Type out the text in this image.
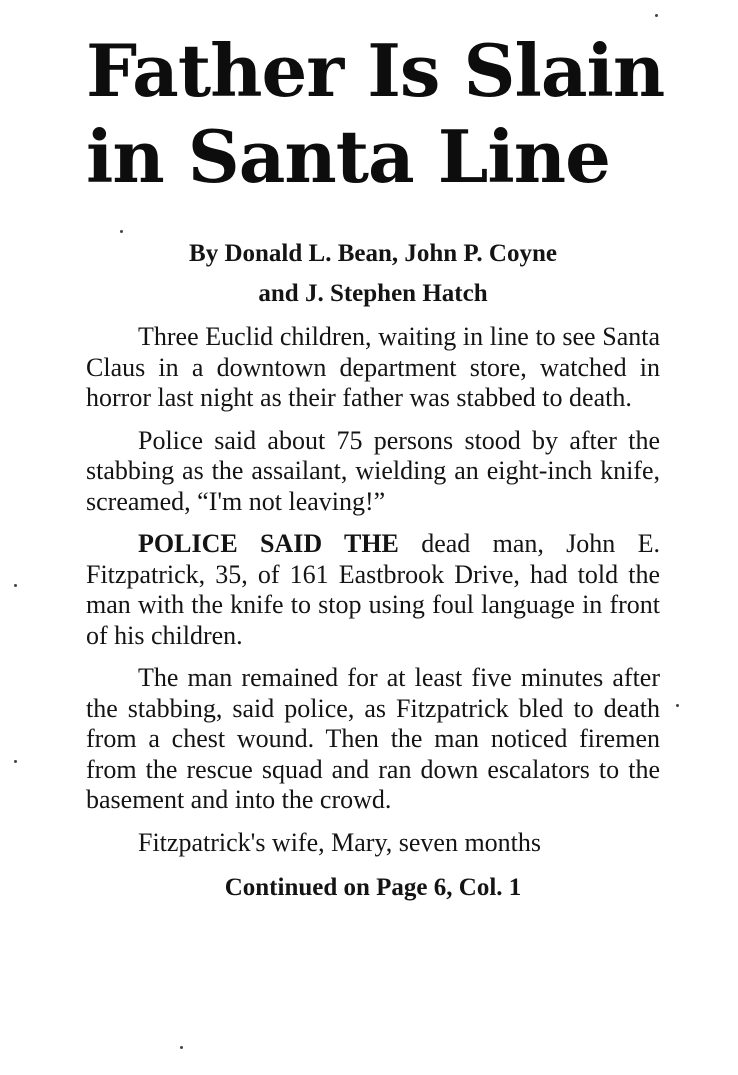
Father Is Slain
in Santa Line
By Donald L. Bean, John P. Coyne
and J. Stephen Hatch

Three Euclid children, waiting in line to see Santa Claus in a downtown department store, watched in horror last night as their father was stabbed to death.

Police said about 75 persons stood by after the stabbing as the assailant, wielding an eight-inch knife, screamed, “I'm not leaving!”

POLICE SAID THE dead man, John E. Fitzpatrick, 35, of 161 Eastbrook Drive, had told the man with the knife to stop using foul language in front of his children.

The man remained for at least five minutes after the stabbing, said police, as Fitzpatrick bled to death from a chest wound. Then the man noticed firemen from the rescue squad and ran down escalators to the basement and into the crowd.

Fitzpatrick's wife, Mary, seven months

Continued on Page 6, Col. 1
